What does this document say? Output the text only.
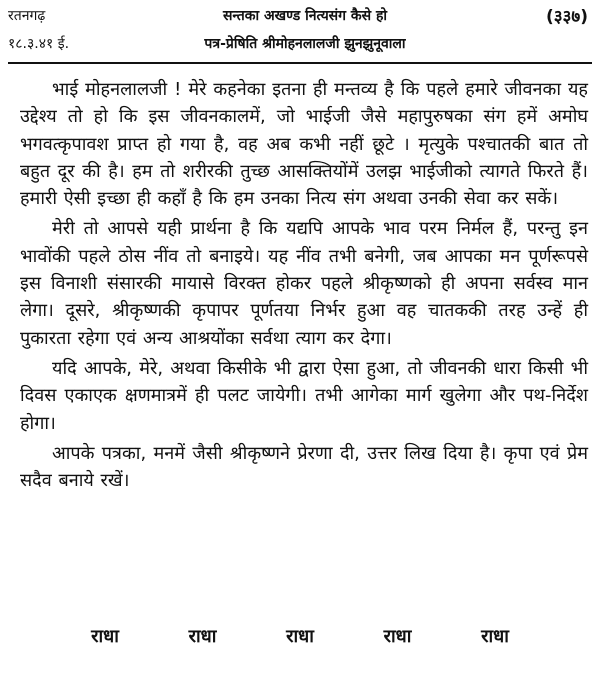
रतनगढ़
१८.३.४१ ई.
सन्तका अखण्ड नित्यसंग कैसे हो
पत्र-प्रेषिति श्रीमोहनलालजी झुनझुनूवाला
(३३७)

भाई मोहनलालजी ! मेरे कहनेका इतना ही मन्तव्य है कि पहले हमारे जीवनका यह उद्देश्य तो हो कि इस जीवनकालमें, जो भाईजी जैसे महापुरुषका संग हमें अमोघ भगवत्कृपावश प्राप्त हो गया है, वह अब कभी नहीं छूटे । मृत्युके पश्चातकी बात तो बहुत दूर की है। हम तो शरीरकी तुच्छ आसक्तियोंमें उलझ भाईजीको त्यागते फिरते हैं। हमारी ऐसी इच्छा ही कहाँ है कि हम उनका नित्य संग अथवा उनकी सेवा कर सकें।

मेरी तो आपसे यही प्रार्थना है कि यद्यपि आपके भाव परम निर्मल हैं, परन्तु इन भावोंकी पहले ठोस नींव तो बनाइये। यह नींव तभी बनेगी, जब आपका मन पूर्णरूपसे इस विनाशी संसारकी मायासे विरक्त होकर पहले श्रीकृष्णको ही अपना सर्वस्व मान लेगा। दूसरे, श्रीकृष्णकी कृपापर पूर्णतया निर्भर हुआ वह चातककी तरह उन्हें ही पुकारता रहेगा एवं अन्य आश्रयोंका सर्वथा त्याग कर देगा।

यदि आपके, मेरे, अथवा किसीके भी द्वारा ऐसा हुआ, तो जीवनकी धारा किसी भी दिवस एकाएक क्षणमात्रमें ही पलट जायेगी। तभी आगेका मार्ग खुलेगा और पथ-निर्देश होगा।

आपके पत्रका, मनमें जैसी श्रीकृष्णने प्रेरणा दी, उत्तर लिख दिया है। कृपा एवं प्रेम सदैव बनाये रखें।

राधा	राधा	राधा	राधा	राधा
